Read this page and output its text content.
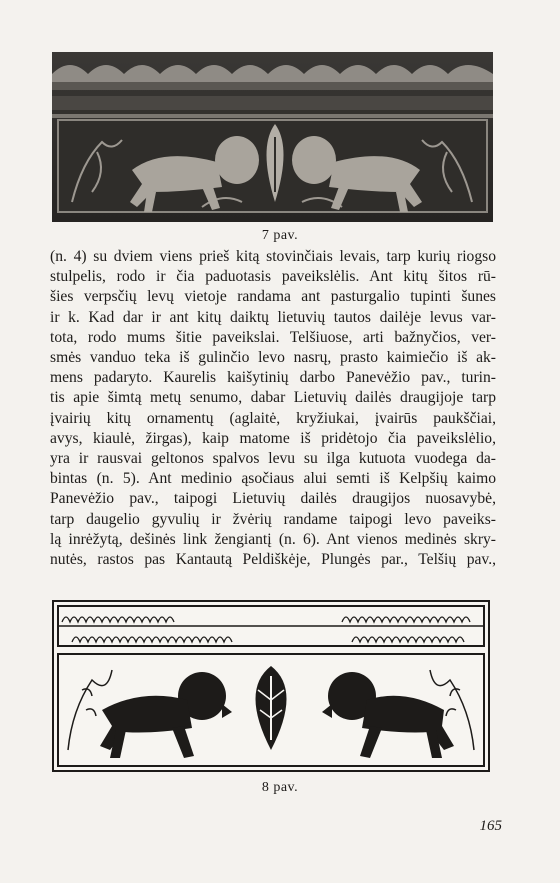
7 pav.
(n. 4) su dviem viens prieš kitą stovinčiais levais, tarp kurių riogso
stulpelis, rodo ir čia paduotasis paveikslėlis. Ant kitų šitos rū-
šies verpsčių levų vietoje randama ant pasturgalio tupinti šunes
ir k. Kad dar ir ant kitų daiktų lietuvių tautos dailėje levus var-
tota, rodo mums šitie paveikslai. Telšiuose, arti bažnyčios, ver-
smės vanduo teka iš gulinčio levo nasrų, prasto kaimiečio iš ak-
mens padaryto. Kaurelis kaišytinių darbo Panevėžio pav., turin-
tis apie šimtą metų senumo, dabar Lietuvių dailės draugijoje tarp
įvairių kitų ornamentų (aglaitė, kryžiukai, įvairūs paukščiai,
avys, kiaulė, žirgas), kaip matome iš pridėtojo čia paveikslėlio,
yra ir rausvai geltonos spalvos levu su ilga kutuota vuodega da-
bintas (n. 5). Ant medinio ąsočiaus alui semti iš Kelpšių kaimo
Panevėžio pav., taipogi Lietuvių dailės draugijos nuosavybė,
tarp daugelio gyvulių ir žvėrių randame taipogi levo paveiks-
lą inrėžytą, dešinės link žengiantį (n. 6). Ant vienos medinės skry-
nutės, rastos pas Kantautą Peldiškėje, Plungės par., Telšių pav.,
8 pav.
165
